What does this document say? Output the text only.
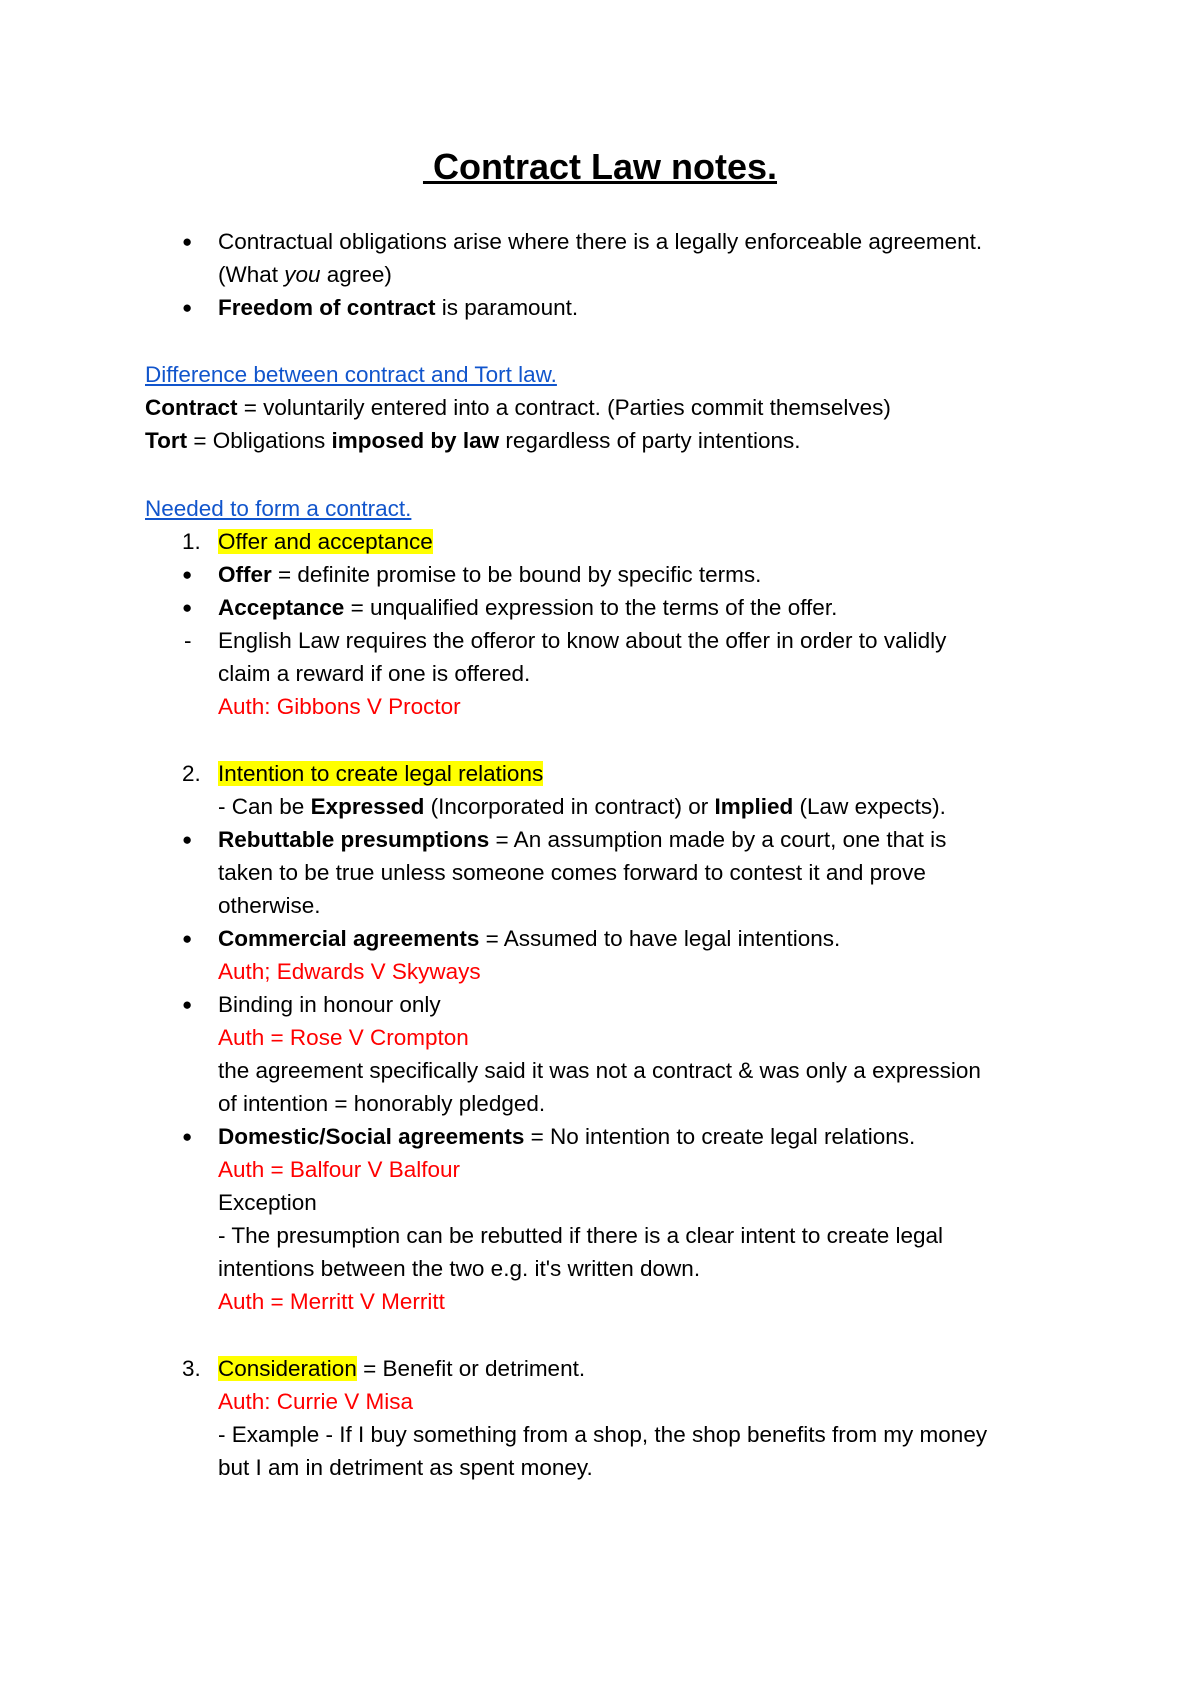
Contract Law notes.
● Contractual obligations arise where there is a legally enforceable agreement.
(What you agree)
● Freedom of contract is paramount.
Difference between contract and Tort law.
Contract = voluntarily entered into a contract. (Parties commit themselves)
Tort = Obligations imposed by law regardless of party intentions.
Needed to form a contract.
1. Offer and acceptance
● Offer = definite promise to be bound by specific terms.
● Acceptance = unqualified expression to the terms of the offer.
- English Law requires the offeror to know about the offer in order to validly
claim a reward if one is offered.
Auth: Gibbons V Proctor
2. Intention to create legal relations
- Can be Expressed (Incorporated in contract) or Implied (Law expects).
● Rebuttable presumptions = An assumption made by a court, one that is
taken to be true unless someone comes forward to contest it and prove
otherwise.
● Commercial agreements = Assumed to have legal intentions.
Auth; Edwards V Skyways
● Binding in honour only
Auth = Rose V Crompton
the agreement specifically said it was not a contract & was only a expression
of intention = honorably pledged.
● Domestic/Social agreements = No intention to create legal relations.
Auth = Balfour V Balfour
Exception
- The presumption can be rebutted if there is a clear intent to create legal
intentions between the two e.g. it's written down.
Auth = Merritt V Merritt
3. Consideration = Benefit or detriment.
Auth: Currie V Misa
- Example - If I buy something from a shop, the shop benefits from my money
but I am in detriment as spent money.
